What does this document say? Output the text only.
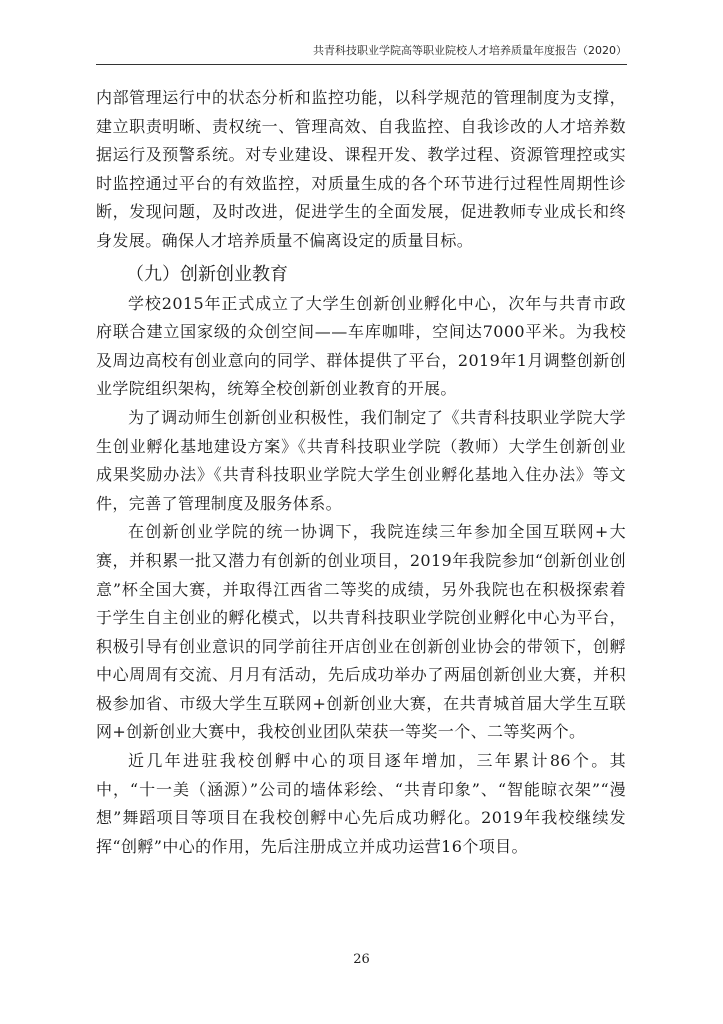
共青科技职业学院高等职业院校人才培养质量年度报告（2020）

内部管理运行中的状态分析和监控功能，以科学规范的管理制度为支撑，建立职责明晰、责权统一、管理高效、自我监控、自我诊改的人才培养数据运行及预警系统。对专业建设、课程开发、教学过程、资源管理控或实时监控通过平台的有效监控，对质量生成的各个环节进行过程性周期性诊断，发现问题，及时改进，促进学生的全面发展，促进教师专业成长和终身发展。确保人才培养质量不偏离设定的质量目标。

（九）创新创业教育

学校2015年正式成立了大学生创新创业孵化中心，次年与共青市政府联合建立国家级的众创空间——车库咖啡，空间达7000平米。为我校及周边高校有创业意向的同学、群体提供了平台，2019年1月调整创新创业学院组织架构，统筹全校创新创业教育的开展。

为了调动师生创新创业积极性，我们制定了《共青科技职业学院大学生创业孵化基地建设方案》《共青科技职业学院（教师）大学生创新创业成果奖励办法》《共青科技职业学院大学生创业孵化基地入住办法》等文件，完善了管理制度及服务体系。

在创新创业学院的统一协调下，我院连续三年参加全国互联网+大赛，并积累一批又潜力有创新的创业项目，2019年我院参加“创新创业创意”杯全国大赛，并取得江西省二等奖的成绩，另外我院也在积极探索着于学生自主创业的孵化模式，以共青科技职业学院创业孵化中心为平台，积极引导有创业意识的同学前往开店创业在创新创业协会的带领下，创孵中心周周有交流、月月有活动，先后成功举办了两届创新创业大赛，并积极参加省、市级大学生互联网+创新创业大赛，在共青城首届大学生互联网+创新创业大赛中，我校创业团队荣获一等奖一个、二等奖两个。

近几年进驻我校创孵中心的项目逐年增加，三年累计86个。其中，“十一美（涵源）”公司的墙体彩绘、“共青印象”、“智能晾衣架”“漫想”舞蹈项目等项目在我校创孵中心先后成功孵化。2019年我校继续发挥“创孵”中心的作用，先后注册成立并成功运营16个项目。

26
